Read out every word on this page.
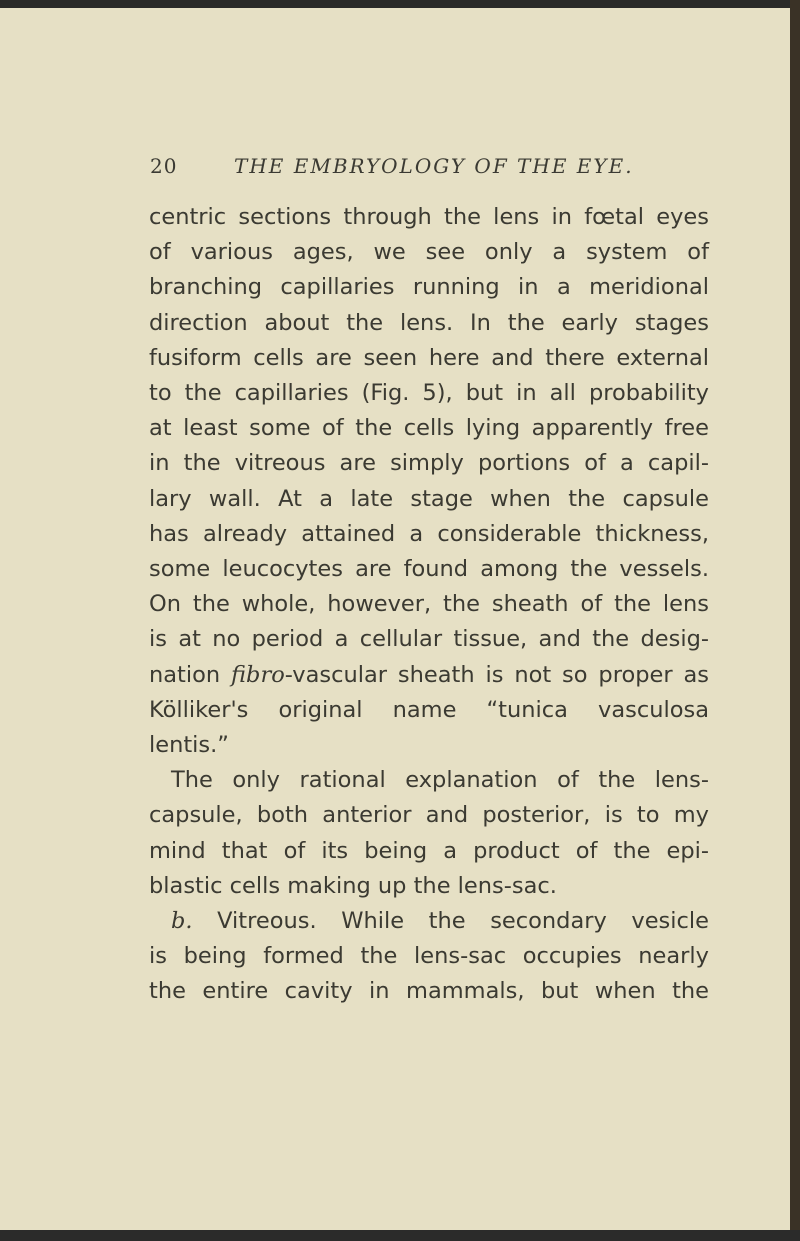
20	THE EMBRYOLOGY OF THE EYE.
centric sections through the lens in fœtal eyes
of various ages, we see only a system of
branching capillaries running in a meridional
direction about the lens. In the early stages
fusiform cells are seen here and there external
to the capillaries (Fig. 5), but in all probability
at least some of the cells lying apparently free
in the vitreous are simply portions of a capil-
lary wall. At a late stage when the capsule
has already attained a considerable thickness,
some leucocytes are found among the vessels.
On the whole, however, the sheath of the lens
is at no period a cellular tissue, and the desig-
nation fibro-vascular sheath is not so proper as
Kölliker's original name “tunica vasculosa
lentis.”
The only rational explanation of the lens-
capsule, both anterior and posterior, is to my
mind that of its being a product of the epi-
blastic cells making up the lens-sac.
b. Vitreous. While the secondary vesicle
is being formed the lens-sac occupies nearly
the entire cavity in mammals, but when the
